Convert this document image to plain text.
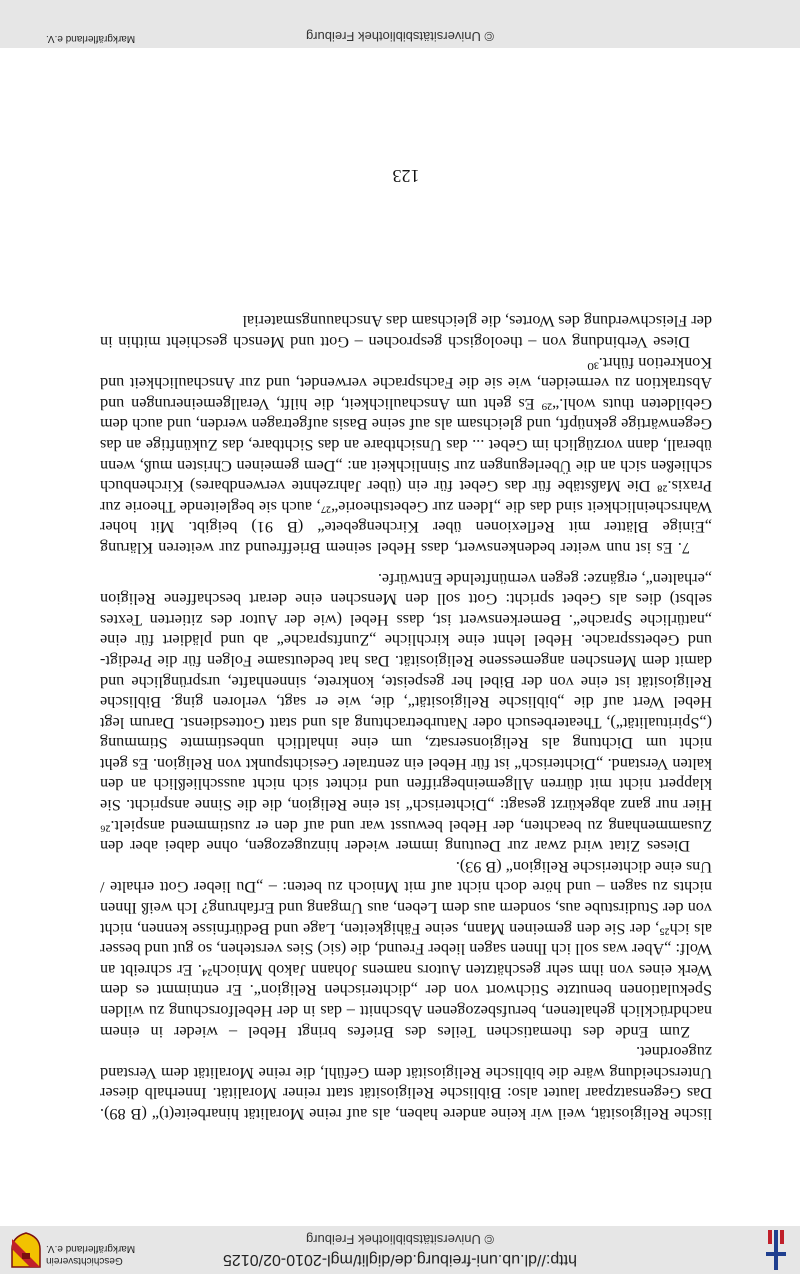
http://dl.ub.uni-freiburg.de/diglit/mgl-2010-02/0125
© Universitätsbibliothek Freiburg
Geschichtsverein
Markgräflerland e.V.

lische Religiosität, weil wir keine andere haben, als auf reine Moralität hinarbeite(t)“ (B 89). Das Gegensatzpaar lautet also: Biblische Religiosität statt reiner Moralität. Innerhalb dieser Unterscheidung wäre die biblische Religiosität dem Gefühl, die reine Moralität dem Verstand zugeordnet.

Zum Ende des thematischen Teiles des Briefes bringt Hebel – wieder in einem nachdrücklich gehaltenen, berufsbezogenen Abschnitt – das in der Hebelforschung zu wilden Spekulationen benutzte Stichwort von der „dichterischen Religion“. Er entnimmt es dem Werk eines von ihm sehr geschätzten Autors namens Johann Jakob Mnioch²⁴. Er schreibt an Wolf: „Aber was soll ich Ihnen sagen lieber Freund, die (sic) Sies verstehen, so gut und besser als ich²⁵, der Sie den gemeinen Mann, seine Fähigkeiten, Lage und Bedürfnisse kennen, nicht von der Studirstube aus, sondern aus dem Leben, aus Umgang und Erfahrung? Ich weiß Ihnen nichts zu sagen – und höre doch nicht auf mit Mnioch zu beten: – „Du lieber Gott erhalte / Uns eine dichterische Religion“ (B 93).

Dieses Zitat wird zwar zur Deutung immer wieder hinzugezogen, ohne dabei aber den Zusammenhang zu beachten, der Hebel bewusst war und auf den er zustimmend anspielt.²⁶ Hier nur ganz abgekürzt gesagt: „Dichterisch“ ist eine Religion, die die Sinne anspricht. Sie klappert nicht mit dürren Allgemeinbegriffen und richtet sich nicht ausschließlich an den kalten Verstand. „Dichterisch“ ist für Hebel ein zentraler Gesichtspunkt von Religion. Es geht nicht um Dichtung als Religionsersatz, um eine inhaltlich unbestimmte Stimmung („Spiritualität“), Theaterbesuch oder Naturbetrachtung als und statt Gottesdienst. Darum legt Hebel Wert auf die „biblische Religiosität“, die, wie er sagt, verloren ging. Biblische Religiosität ist eine von der Bibel her gespeiste, konkrete, sinnenhafte, ursprüngliche und damit dem Menschen angemessene Religiosität. Das hat bedeutsame Folgen für die Predigt- und Gebetssprache. Hebel lehnt eine kirchliche „Zunftsprache“ ab und plädiert für eine „natürliche Sprache“. Bemerkenswert ist, dass Hebel (wie der Autor des zitierten Textes selbst) dies als Gebet spricht: Gott soll den Menschen eine derart beschaffene Religion „erhalten“, ergänze: gegen vernünftelnde Entwürfe.

7. Es ist nun weiter bedenkenswert, dass Hebel seinem Brieffreund zur weiteren Klärung „Einige Blätter mit Reflexionen über Kirchengebete“ (B 91) beigibt. Mit hoher Wahrscheinlichkeit sind das die „Ideen zur Gebetstheorie“²⁷, auch sie begleitende Theorie zur Praxis.²⁸ Die Maßstäbe für das Gebet für ein (über Jahrzehnte verwendbares) Kirchenbuch schließen sich an die Überlegungen zur Sinnlichkeit an: „Dem gemeinen Christen muß, wenn überall, dann vorzüglich im Gebet ... das Unsichtbare an das Sichtbare, das Zukünftige an das Gegenwärtige geknüpft, und gleichsam als auf seine Basis aufgetragen werden, und auch dem Gebildeten thuts wohl.“²⁹ Es geht um Anschaulichkeit, die hilft, Verallgemeinerungen und Abstraktion zu vermeiden, wie sie die Fachsprache verwendet, und zur Anschaulichkeit und Konkretion führt.³⁰

Diese Verbindung von – theologisch gesprochen – Gott und Mensch geschieht mithin in der Fleischwerdung des Wortes, die gleichsam das Anschauungsmaterial

123
© Universitätsbibliothek Freiburg
Markgräflerland e.V.
